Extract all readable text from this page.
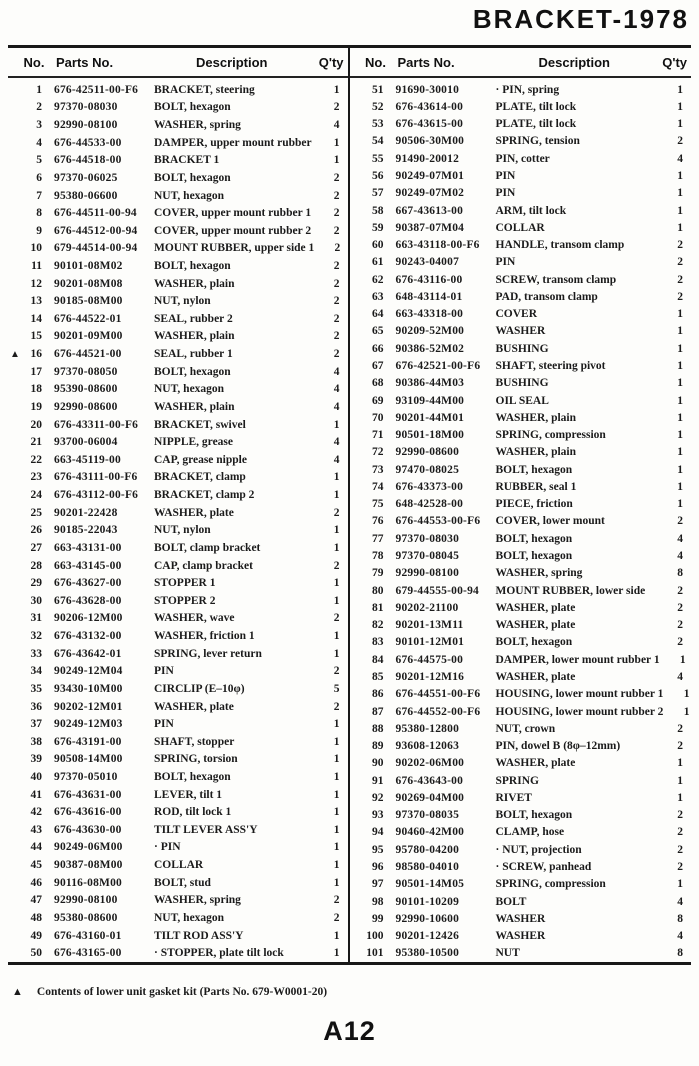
BRACKET-1978
No. Parts No.	Description	Q'ty
1	676-42511-00-F6	BRACKET, steering	1
2	97370-08030	BOLT, hexagon	2
3	92990-08100	WASHER, spring	4
4	676-44533-00	DAMPER, upper mount rubber	1
5	676-44518-00	BRACKET 1	1
6	97370-06025	BOLT, hexagon	2
7	95380-06600	NUT, hexagon	2
8	676-44511-00-94	COVER, upper mount rubber 1	2
9	676-44512-00-94	COVER, upper mount rubber 2	2
10	679-44514-00-94	MOUNT RUBBER, upper side 1	2
11	90101-08M02	BOLT, hexagon	2
12	90201-08M08	WASHER, plain	2
13	90185-08M00	NUT, nylon	2
14	676-44522-01	SEAL, rubber 2	2
15	90201-09M00	WASHER, plain	2
▲ 16	676-44521-00	SEAL, rubber 1	2
17	97370-08050	BOLT, hexagon	4
18	95390-08600	NUT, hexagon	4
19	92990-08600	WASHER, plain	4
20	676-43311-00-F6	BRACKET, swivel	1
21	93700-06004	NIPPLE, grease	4
22	663-45119-00	CAP, grease nipple	4
23	676-43111-00-F6	BRACKET, clamp	1
24	676-43112-00-F6	BRACKET, clamp 2	1
25	90201-22428	WASHER, plate	2
26	90185-22043	NUT, nylon	1
27	663-43131-00	BOLT, clamp bracket	1
28	663-43145-00	CAP, clamp bracket	2
29	676-43627-00	STOPPER 1	1
30	676-43628-00	STOPPER 2	1
31	90206-12M00	WASHER, wave	2
32	676-43132-00	WASHER, friction 1	1
33	676-43642-01	SPRING, lever return	1
34	90249-12M04	PIN	2
35	93430-10M00	CIRCLIP (E–10φ)	5
36	90202-12M01	WASHER, plate	2
37	90249-12M03	PIN	1
38	676-43191-00	SHAFT, stopper	1
39	90508-14M00	SPRING, torsion	1
40	97370-05010	BOLT, hexagon	1
41	676-43631-00	LEVER, tilt 1	1
42	676-43616-00	ROD, tilt lock 1	1
43	676-43630-00	TILT LEVER ASS'Y	1
44	90249-06M00	· PIN	1
45	90387-08M00	COLLAR	1
46	90116-08M00	BOLT, stud	1
47	92990-08100	WASHER, spring	2
48	95380-08600	NUT, hexagon	2
49	676-43160-01	TILT ROD ASS'Y	1
50	676-43165-00	· STOPPER, plate tilt lock	1
No. Parts No.	Description	Q'ty
51	91690-30010	· PIN, spring	1
52	676-43614-00	PLATE, tilt lock	1
53	676-43615-00	PLATE, tilt lock	1
54	90506-30M00	SPRING, tension	2
55	91490-20012	PIN, cotter	4
56	90249-07M01	PIN	1
57	90249-07M02	PIN	1
58	667-43613-00	ARM, tilt lock	1
59	90387-07M04	COLLAR	1
60	663-43118-00-F6	HANDLE, transom clamp	2
61	90243-04007	PIN	2
62	676-43116-00	SCREW, transom clamp	2
63	648-43114-01	PAD, transom clamp	2
64	663-43318-00	COVER	1
65	90209-52M00	WASHER	1
66	90386-52M02	BUSHING	1
67	676-42521-00-F6	SHAFT, steering pivot	1
68	90386-44M03	BUSHING	1
69	93109-44M00	OIL SEAL	1
70	90201-44M01	WASHER, plain	1
71	90501-18M00	SPRING, compression	1
72	92990-08600	WASHER, plain	1
73	97470-08025	BOLT, hexagon	1
74	676-43373-00	RUBBER, seal 1	1
75	648-42528-00	PIECE, friction	1
76	676-44553-00-F6	COVER, lower mount	2
77	97370-08030	BOLT, hexagon	4
78	97370-08045	BOLT, hexagon	4
79	92990-08100	WASHER, spring	8
80	679-44555-00-94	MOUNT RUBBER, lower side	2
81	90202-21100	WASHER, plate	2
82	90201-13M11	WASHER, plate	2
83	90101-12M01	BOLT, hexagon	2
84	676-44575-00	DAMPER, lower mount rubber 1	1
85	90201-12M16	WASHER, plate	4
86	676-44551-00-F6	HOUSING, lower mount rubber 1	1
87	676-44552-00-F6	HOUSING, lower mount rubber 2	1
88	95380-12800	NUT, crown	2
89	93608-12063	PIN, dowel B (8φ–12mm)	2
90	90202-06M00	WASHER, plate	1
91	676-43643-00	SPRING	1
92	90269-04M00	RIVET	1
93	97370-08035	BOLT, hexagon	2
94	90460-42M00	CLAMP, hose	2
95	95780-04200	· NUT, projection	2
96	98580-04010	· SCREW, panhead	2
97	90501-14M05	SPRING, compression	1
98	90101-10209	BOLT	4
99	92990-10600	WASHER	8
100	90201-12426	WASHER	4
101	95380-10500	NUT	8
▲ Contents of lower unit gasket kit (Parts No. 679-W0001-20)
A12
